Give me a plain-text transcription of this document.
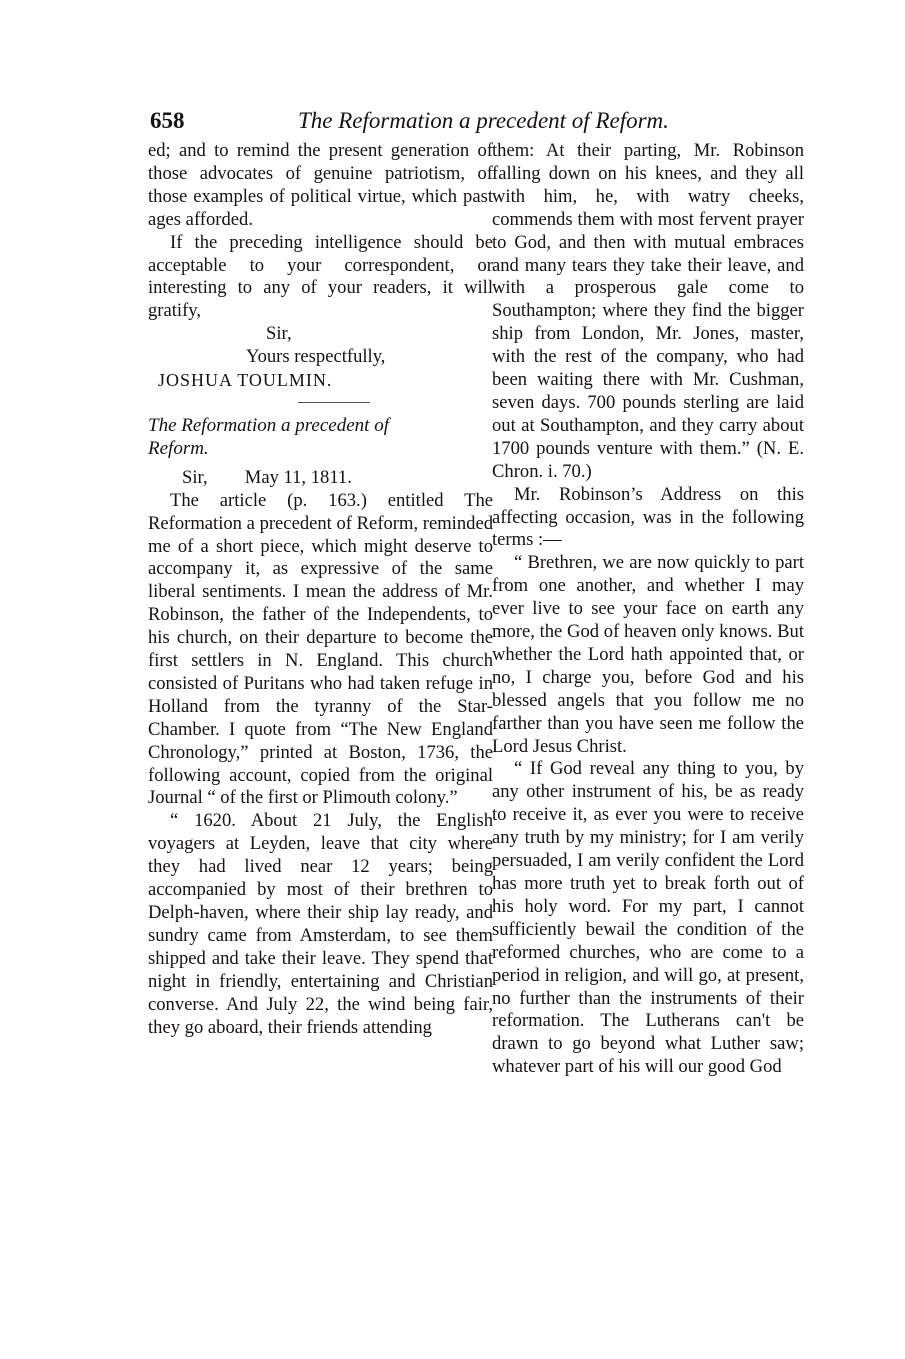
658	The Reformation a precedent of Reform.

ed; and to remind the present generation of those advocates of genuine patriotism, of those examples of political virtue, which past ages afforded.

If the preceding intelligence should be acceptable to your correspondent, or interesting to any of your readers, it will gratify,

Sir,

Yours respectfully,

JOSHUA TOULMIN.

The Reformation a precedent of

Reform.

Sir,        May 11, 1811.

The article (p. 163.) entitled The Reformation a precedent of Reform, reminded me of a short piece, which might deserve to accompany it, as expressive of the same liberal sentiments. I mean the address of Mr. Robinson, the father of the Independents, to his church, on their departure to become the first settlers in N. England. This church consisted of Puritans who had taken refuge in Holland from the tyranny of the Star-Chamber. I quote from “The New England Chronology,” printed at Boston, 1736, the following account, copied from the original Journal “ of the first or Plimouth colony.”

“ 1620. About 21 July, the English voyagers at Leyden, leave that city where they had lived near 12 years; being accompanied by most of their brethren to Delph-haven, where their ship lay ready, and sundry came from Amsterdam, to see them shipped and take their leave. They spend that night in friendly, entertaining and Christian converse. And July 22, the wind being fair, they go aboard, their friends attending

them: At their parting, Mr. Robinson falling down on his knees, and they all with him, he, with watry cheeks, commends them with most fervent prayer to God, and then with mutual embraces and many tears they take their leave, and with a prosperous gale come to Southampton; where they find the bigger ship from London, Mr. Jones, master, with the rest of the company, who had been waiting there with Mr. Cushman, seven days. 700 pounds sterling are laid out at Southampton, and they carry about 1700 pounds venture with them.” (N. E. Chron. i. 70.)

Mr. Robinson’s Address on this affecting occasion, was in the following terms :—

“ Brethren, we are now quickly to part from one another, and whether I may ever live to see your face on earth any more, the God of heaven only knows. But whether the Lord hath appointed that, or no, I charge you, before God and his blessed angels that you follow me no farther than you have seen me follow the Lord Jesus Christ.

“ If God reveal any thing to you, by any other instrument of his, be as ready to receive it, as ever you were to receive any truth by my ministry; for I am verily persuaded, I am verily confident the Lord has more truth yet to break forth out of his holy word. For my part, I cannot sufficiently bewail the condition of the reformed churches, who are come to a period in religion, and will go, at present, no further than the instruments of their reformation. The Lutherans can't be drawn to go beyond what Luther saw; whatever part of his will our good God
